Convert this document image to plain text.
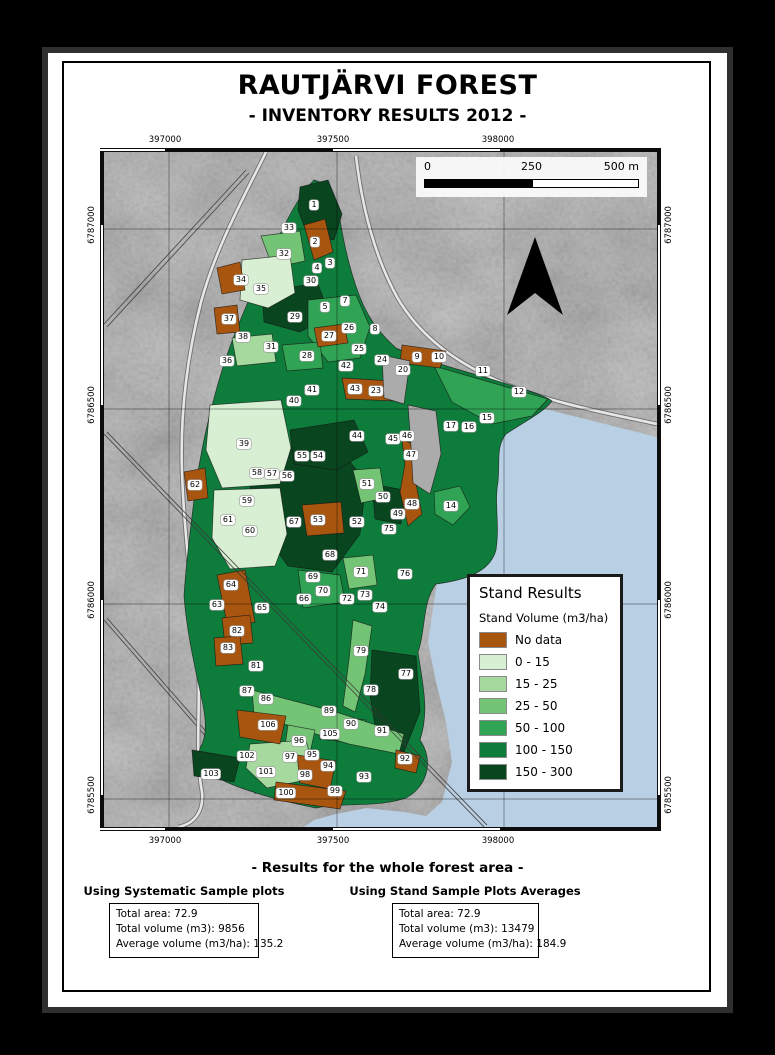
RAUTJÄRVI FOREST
- INVENTORY RESULTS 2012 -
1
2
3
4
5
7
8
9 10
11
12
14
15
16
17
20
23
24
25
26
27
28
29
30
31
32
33
34
35
36
37
38
39
40
41
42
43
44	45 46
47
48
49
50
51
52
53
54
55
56
57
58
59
60
61
62
63
64
65
66
67
68
69
70
71
72 73
74
75
76
77
78
79
81
82
83
86
87
89
90
91
92
93
94
95
96
97
98
99
100
101
102
103
105
106
0	250	500 m
Stand Results
Stand Volume (m3/ha)
No data
0 - 15
15 - 25
25 - 50
50 - 100
100 - 150
150 - 300
- Results for the whole forest area -
Using Systematic Sample plots
Total area: 72.9
Total volume (m3): 9856
Average volume (m3/ha): 135.2
Using Stand Sample Plots Averages
Total area: 72.9
Total volume (m3): 13479
Average volume (m3/ha): 184.9
397000
397000
397500
397500
398000
398000
6787000	6787000
6786500	6786500
6786000	6786000
6785500	6785500
